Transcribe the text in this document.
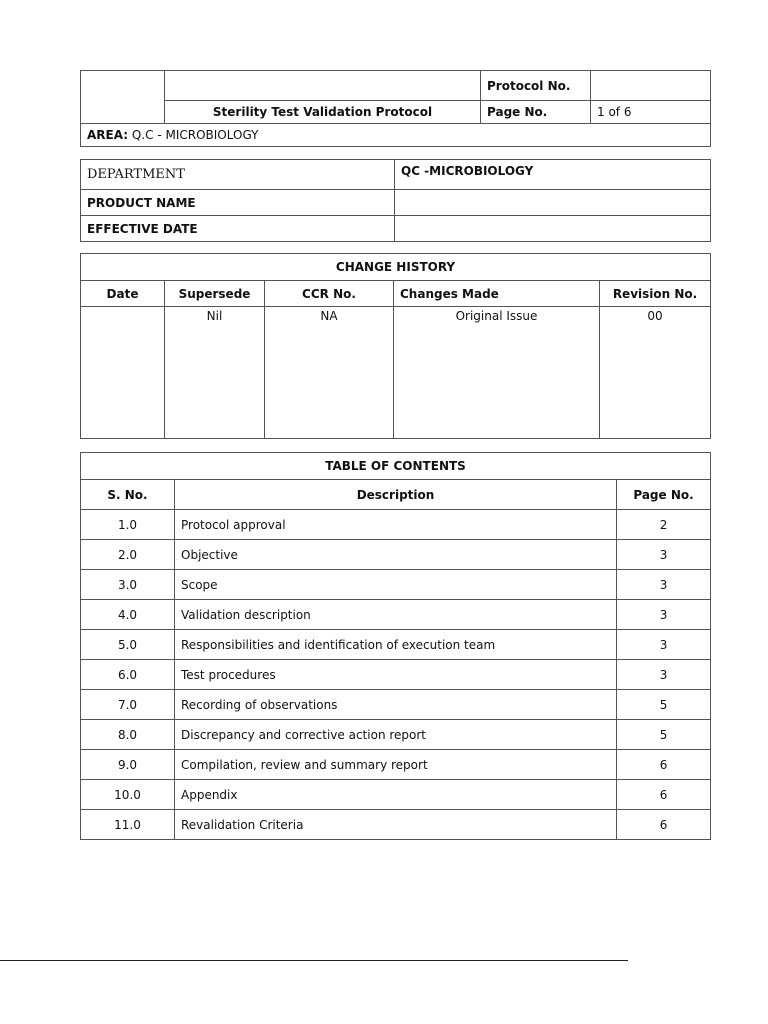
		Protocol No.	
	Sterility Test Validation Protocol	Page No.	1 of 6
AREA: Q.C - MICROBIOLOGY			
DEPARTMENT	QC -MICROBIOLOGY
PRODUCT NAME	
EFFECTIVE DATE	
CHANGE HISTORY				
Date	Supersede	CCR No.	Changes Made	Revision No.
	Nil	NA	Original Issue	00
TABLE OF CONTENTS		
S. No.	Description	Page No.
1.0	Protocol approval	2
2.0	Objective	3
3.0	Scope	3
4.0	Validation description	3
5.0	Responsibilities and identification of execution team	3
6.0	Test procedures	3
7.0	Recording of observations	5
8.0	Discrepancy and corrective action report	5
9.0	Compilation, review and summary report	6
10.0	Appendix	6
11.0	Revalidation Criteria	6
